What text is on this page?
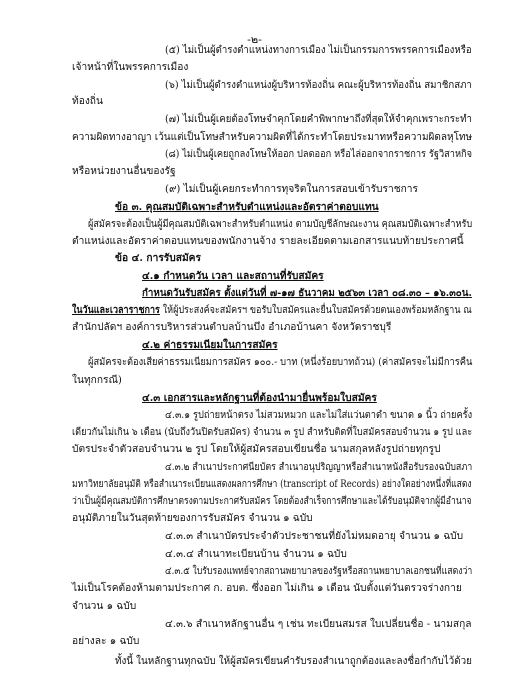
-๒-
(๕) ไม่เป็นผู้ดำรงตำแหน่งทางการเมือง ไม่เป็นกรรมการพรรคการเมืองหรือ
เจ้าหน้าที่ในพรรคการเมือง
(๖) ไม่เป็นผู้ดำรงตำแหน่งผู้บริหารท้องถิ่น คณะผู้บริหารท้องถิ่น สมาชิกสภา
ท้องถิ่น
(๗) ไม่เป็นผู้เคยต้องโทษจำคุกโดยคำพิพากษาถึงที่สุดให้จำคุกเพราะกระทำ
ความผิดทางอาญา เว้นแต่เป็นโทษสำหรับความผิดที่ได้กระทำโดยประมาทหรือความผิดลหุโทษ
(๘) ไม่เป็นผู้เคยถูกลงโทษให้ออก ปลดออก หรือไล่ออกจากราชการ รัฐวิสาหกิจ
หรือหน่วยงานอื่นของรัฐ
(๙) ไม่เป็นผู้เคยกระทำการทุจริตในการสอบเข้ารับราชการ
ข้อ ๓. คุณสมบัติเฉพาะสำหรับตำแหน่งและอัตราค่าตอบแทน
ผู้สมัครจะต้องเป็นผู้มีคุณสมบัติเฉพาะสำหรับตำแหน่ง ตามบัญชีลักษณะงาน คุณสมบัติเฉพาะสำหรับ
ตำแหน่งและอัตราค่าตอบแทนของพนักงานจ้าง รายละเอียดตามเอกสารแนบท้ายประกาศนี้
ข้อ ๔. การรับสมัคร
๔.๑ กำหนดวัน เวลา และสถานที่รับสมัคร
กำหนดวันรับสมัคร ตั้งแต่วันที่ ๗-๑๗ ธันวาคม ๒๕๖๓ เวลา ๐๘.๓๐ – ๑๖.๓๐น.
ในวันและเวลาราชการ ให้ผู้ประสงค์จะสมัครฯ ขอรับใบสมัครและยื่นใบสมัครด้วยตนเองพร้อมหลักฐาน ณ
สำนักปลัดฯ องค์การบริหารส่วนตำบลบ้านบึง อำเภอบ้านคา จังหวัดราชบุรี
๔.๒ ค่าธรรมเนียมในการสมัคร
ผู้สมัครจะต้องเสียค่าธรรมเนียมการสมัคร ๑๐๐.- บาท (หนึ่งร้อยบาทถ้วน) (ค่าสมัครจะไม่มีการคืน
ในทุกกรณี)
๔.๓ เอกสารและหลักฐานที่ต้องนำมายื่นพร้อมใบสมัคร
๔.๓.๑ รูปถ่ายหน้าตรง ไม่สวมหมวก และไม่ใส่แว่นตาดำ ขนาด ๑ นิ้ว ถ่ายครั้ง
เดียวกันไม่เกิน ๖ เดือน (นับถึงวันปิดรับสมัคร) จำนวน ๓ รูป สำหรับติดที่ใบสมัครสอบจำนวน ๑ รูป และ
บัตรประจำตัวสอบจำนวน ๒ รูป โดยให้ผู้สมัครสอบเขียนชื่อ นามสกุลหลังรูปถ่ายทุกรูป
๔.๓.๒ สำเนาประกาศนียบัตร สำเนาอนุปริญญาหรือสำเนาหนังสือรับรองฉบับสภา
มหาวิทยาลัยอนุมัติ หรือสำเนาระเบียนแสดงผลการศึกษา (transcript of Records) อย่างใดอย่างหนึ่งที่แสดง
ว่าเป็นผู้มีคุณสมบัติการศึกษาตรงตามประกาศรับสมัคร โดยต้องสำเร็จการศึกษาและได้รับอนุมัติจากผู้มีอำนาจ
อนุมัติภายในวันสุดท้ายของการรับสมัคร จำนวน ๑ ฉบับ
๔.๓.๓ สำเนาบัตรประจำตัวประชาชนที่ยังไม่หมดอายุ จำนวน ๑ ฉบับ
๔.๓.๔ สำเนาทะเบียนบ้าน จำนวน ๑ ฉบับ
๔.๓.๕ ใบรับรองแพทย์จากสถานพยาบาลของรัฐหรือสถานพยาบาลเอกชนที่แสดงว่า
ไม่เป็นโรคต้องห้ามตามประกาศ ก. อบต. ซึ่งออก ไม่เกิน ๑ เดือน นับตั้งแต่วันตรวจร่างกาย
จำนวน ๑ ฉบับ
๔.๓.๖ สำเนาหลักฐานอื่น ๆ เช่น ทะเบียนสมรส ใบเปลี่ยนชื่อ - นามสกุล
อย่างละ ๑ ฉบับ
ทั้งนี้ ในหลักฐานทุกฉบับ ให้ผู้สมัครเขียนคำรับรองสำเนาถูกต้องและลงชื่อกำกับไว้ด้วย
